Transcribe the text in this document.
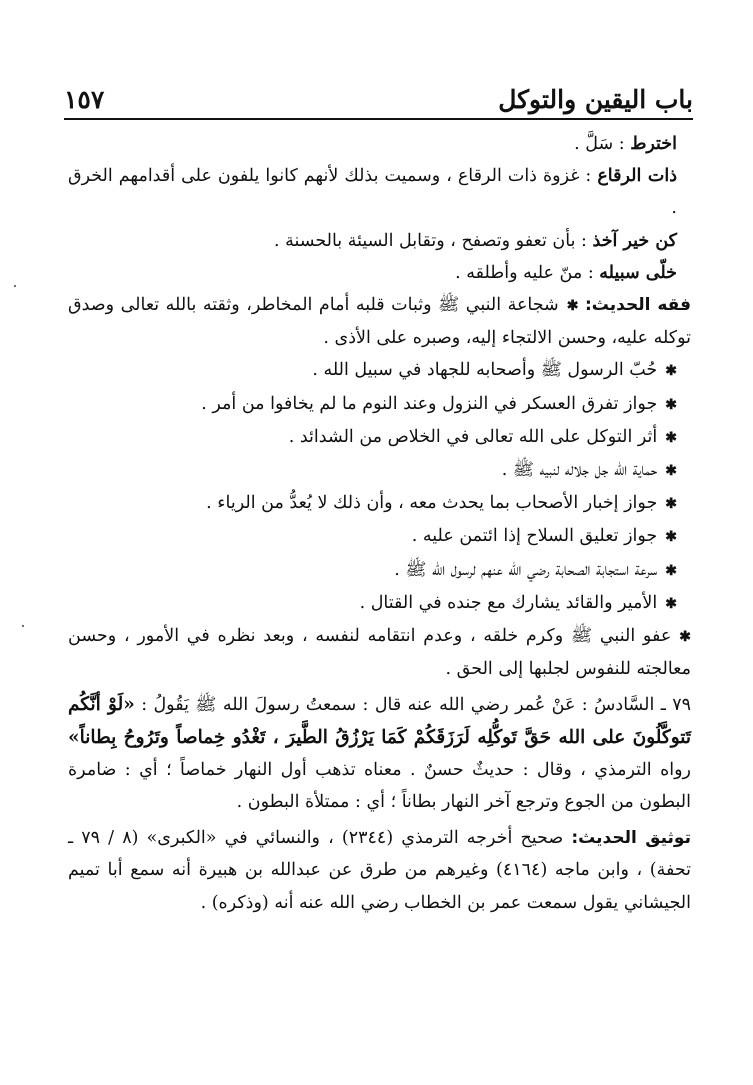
باب اليقين والتوكل
١٥٧

اخترط : سَلَّ .

ذات الرقاع : غزوة ذات الرقاع ، وسميت بذلك لأنهم كانوا يلفون على أقدامهم الخرق .

كن خير آخذ : بأن تعفو وتصفح ، وتقابل السيئة بالحسنة .

خلّى سبيله : منّ عليه وأطلقه .

فقه الحديث: ✱شجاعة النبي ﷺ وثبات قلبه أمام المخاطر، وثقته بالله تعالى وصدق توكله عليه، وحسن الالتجاء إليه، وصبره على الأذى .

✱حُبّ الرسول ﷺ وأصحابه للجهاد في سبيل الله .

✱جواز تفرق العسكر في النزول وعند النوم ما لم يخافوا من أمر .

✱أثر التوكل على الله تعالى في الخلاص من الشدائد .

✱حماية الله جل جلاله لنبيه ﷺ .

✱جواز إخبار الأصحاب بما يحدث معه ، وأن ذلك لا يُعدُّ من الرياء .

✱جواز تعليق السلاح إذا ائتمن عليه .

✱سرعة استجابة الصحابة رضي الله عنهم لرسول الله ﷺ .

✱الأمير والقائد يشارك مع جنده في القتال .

✱عفو النبي ﷺ وكرم خلقه ، وعدم انتقامه لنفسه ، وبعد نظره في الأمور ، وحسن معالجته للنفوس لجلبها إلى الحق .

٧٩ ـ السَّادسُ : عَنْ عُمر رضي الله عنه قال : سمعتُ رسولَ الله ﷺ يَقُولُ : «لَوْ أنَّكُم تَتوكَّلُونَ على الله حَقَّ تَوكُّلِه لَرَزَقَكُمْ كَمَا يَرْزُقُ الطَّيرَ ، تَغْدُو خِماصاً وتَرُوحُ بِطاناً» رواه الترمذي ، وقال : حديثٌ حسنٌ . معناه تذهب أول النهار خماصاً ؛ أي : ضامرة البطون من الجوع وترجع آخر النهار بطاناً ؛ أي : ممتلأة البطون .

توثيق الحديث: صحيح أخرجه الترمذي (٢٣٤٤) ، والنسائي في «الكبرى» (٨ / ٧٩ ـ تحفة) ، وابن ماجه (٤١٦٤) وغيرهم من طرق عن عبدالله بن هبيرة أنه سمع أبا تميم الجيشاني يقول سمعت عمر بن الخطاب رضي الله عنه أنه (وذكره) .
